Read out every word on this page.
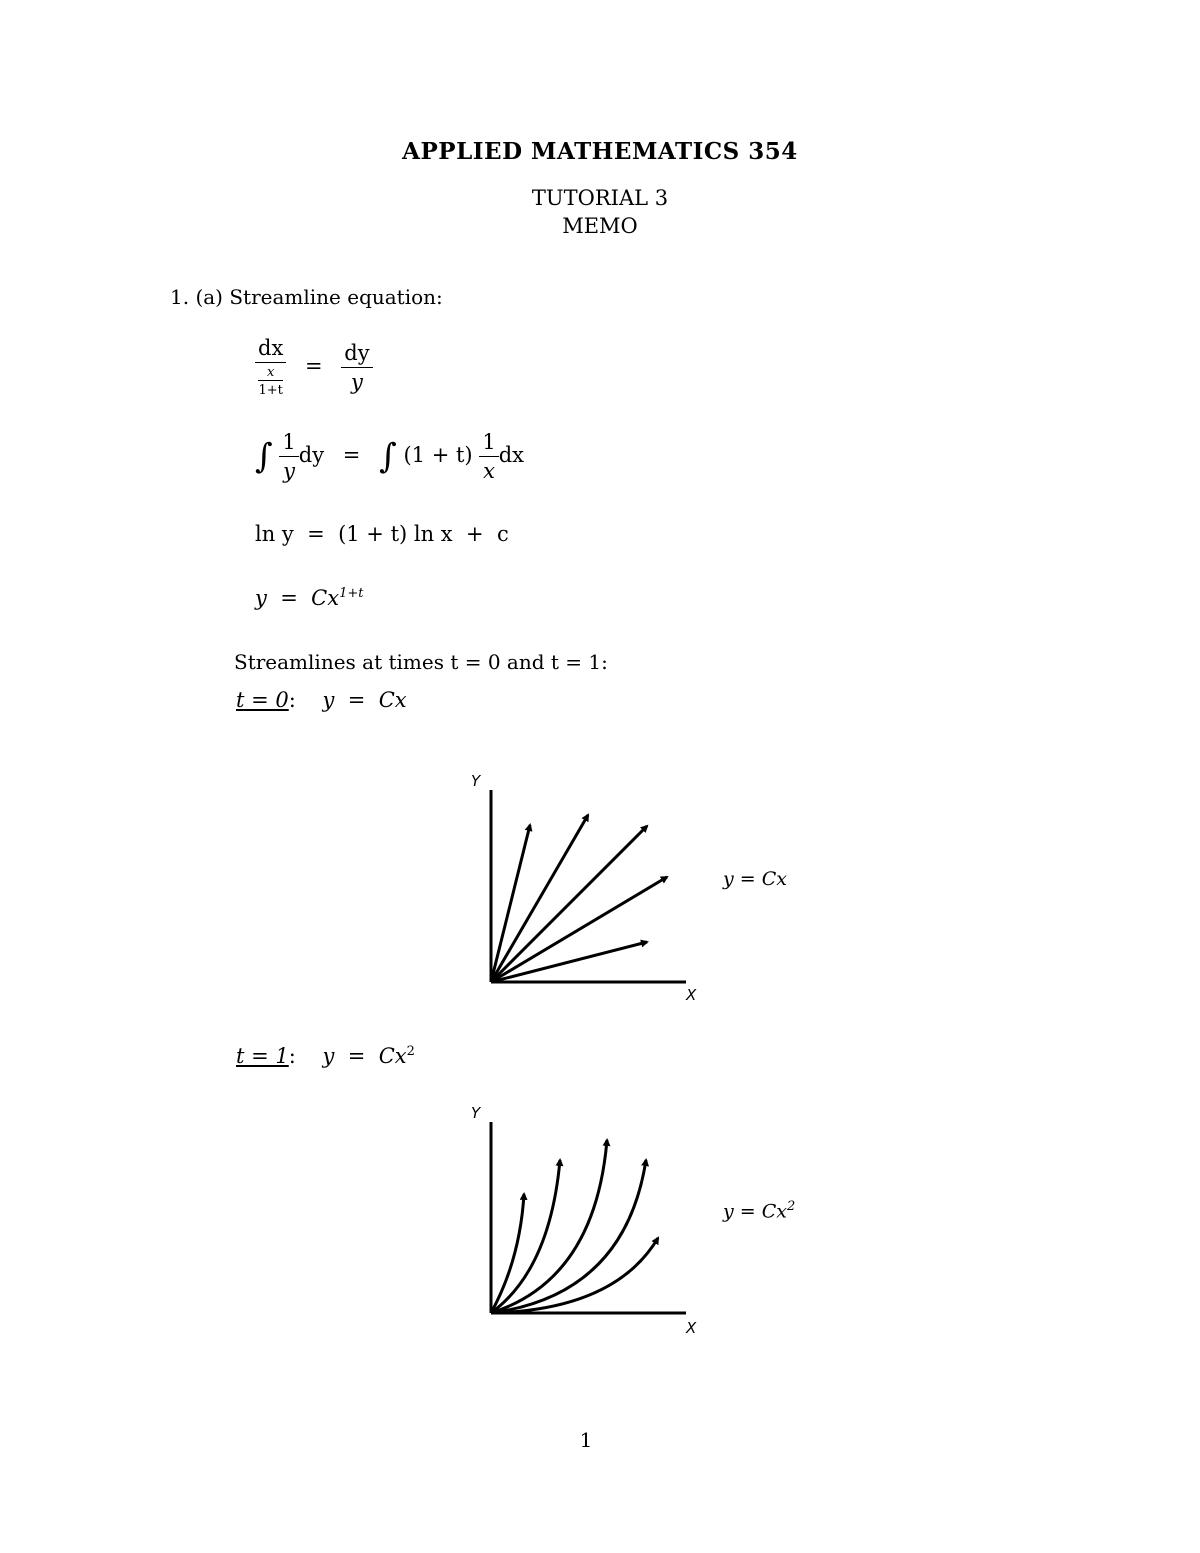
APPLIED MATHEMATICS 354
TUTORIAL 3
MEMO
1. (a) Streamline equation:
$\frac{dx}{\frac{x}{1+t}} = \frac{dy}{y}$
∫ $\frac{1}{y}$ dy = ∫ $(1 + t) \frac{1}{x}$ dx
ln y  =  (1 + t) ln x  +  c
$y = Cx^{1+t}$
Streamlines at times t = 0 and t = 1:
t = 0: y  =  Cx
Y
X
y = Cx
t = 1: y  =  Cx$^2$
Y
X
$y = Cx^2$
1
